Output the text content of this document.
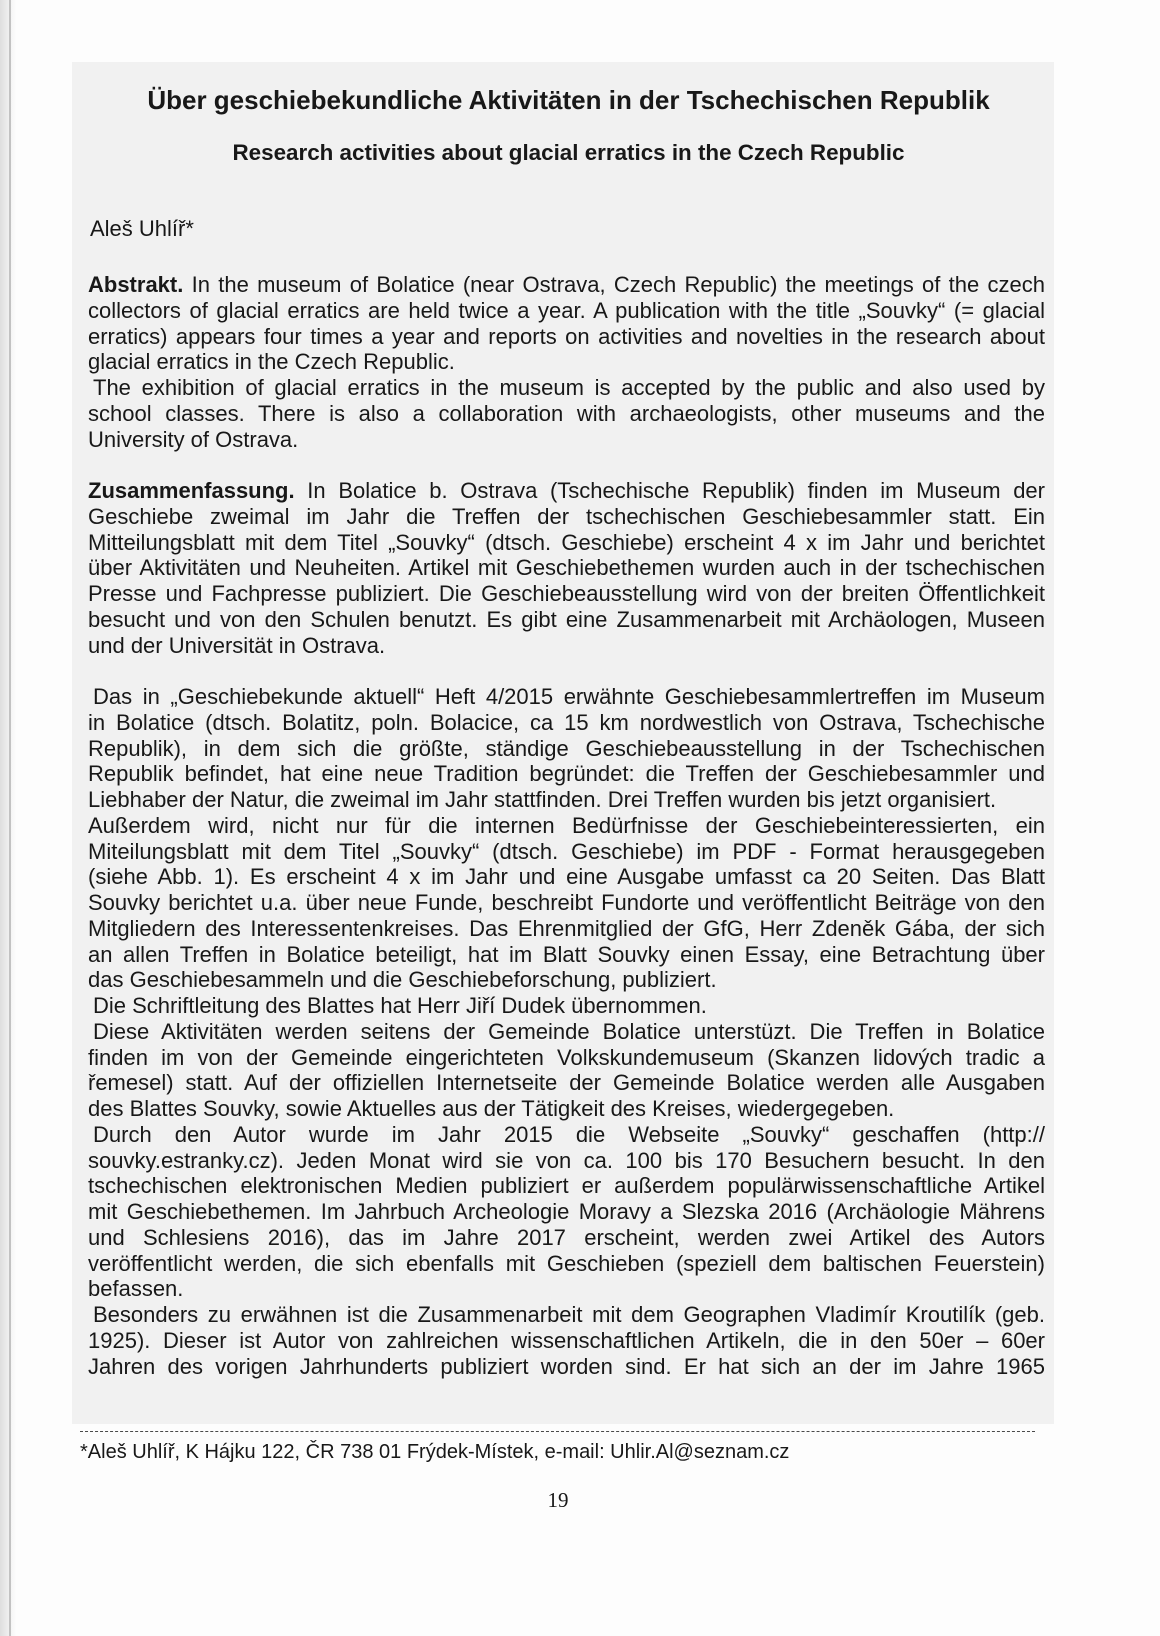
Über geschiebekundliche Aktivitäten in der Tschechischen Republik
Research activities about glacial erratics in the Czech Republic
Aleš Uhlíř*
Abstrakt. In the museum of Bolatice (near Ostrava, Czech Republic) the meetings of the czech
collectors of glacial erratics are held twice a year. A publication with the title „Souvky“ (= glacial
erratics) appears four times a year and reports on activities and novelties in the research about
glacial erratics in the Czech Republic.
The exhibition of glacial erratics in the museum is accepted by the public and also used by
school classes. There is also a collaboration with archaeologists, other museums and the
University of Ostrava.
Zusammenfassung. In Bolatice b. Ostrava (Tschechische Republik) finden im Museum der
Geschiebe zweimal im Jahr die Treffen der tschechischen Geschiebesammler statt. Ein
Mitteilungsblatt mit dem Titel „Souvky“ (dtsch. Geschiebe) erscheint 4 x im Jahr und berichtet
über Aktivitäten und Neuheiten. Artikel mit Geschiebethemen wurden auch in der tschechischen
Presse und Fachpresse publiziert. Die Geschiebeausstellung wird von der breiten Öffentlichkeit
besucht und von den Schulen benutzt. Es gibt eine Zusammenarbeit mit Archäologen, Museen
und der Universität in Ostrava.
Das in „Geschiebekunde aktuell“ Heft 4/2015 erwähnte Geschiebesammlertreffen im Museum
in Bolatice (dtsch. Bolatitz, poln. Bolacice, ca 15 km nordwestlich von Ostrava, Tschechische
Republik), in dem sich die größte, ständige Geschiebeausstellung in der Tschechischen
Republik befindet, hat eine neue Tradition begründet: die Treffen der Geschiebesammler und
Liebhaber der Natur, die zweimal im Jahr stattfinden. Drei Treffen wurden bis jetzt organisiert.
Außerdem wird, nicht nur für die internen Bedürfnisse der Geschiebeinteressierten, ein
Miteilungsblatt mit dem Titel „Souvky“ (dtsch. Geschiebe) im PDF - Format herausgegeben
(siehe Abb. 1). Es erscheint 4 x im Jahr und eine Ausgabe umfasst ca 20 Seiten. Das Blatt
Souvky berichtet u.a. über neue Funde, beschreibt Fundorte und veröffentlicht Beiträge von den
Mitgliedern des Interessentenkreises. Das Ehrenmitglied der GfG, Herr Zdeněk Gába, der sich
an allen Treffen in Bolatice beteiligt, hat im Blatt Souvky einen Essay, eine Betrachtung über
das Geschiebesammeln und die Geschiebeforschung, publiziert.
Die Schriftleitung des Blattes hat Herr Jiří Dudek übernommen.
Diese Aktivitäten werden seitens der Gemeinde Bolatice unterstüzt. Die Treffen in Bolatice
finden im von der Gemeinde eingerichteten Volkskundemuseum (Skanzen lidových tradic a
řemesel) statt. Auf der offiziellen Internetseite der Gemeinde Bolatice werden alle Ausgaben
des Blattes Souvky, sowie Aktuelles aus der Tätigkeit des Kreises, wiedergegeben.
Durch den Autor wurde im Jahr 2015 die Webseite „Souvky“ geschaffen (http://
souvky.estranky.cz). Jeden Monat wird sie von ca. 100 bis 170 Besuchern besucht. In den
tschechischen elektronischen Medien publiziert er außerdem populärwissenschaftliche Artikel
mit Geschiebethemen. Im Jahrbuch Archeologie Moravy a Slezska 2016 (Archäologie Mährens
und Schlesiens 2016), das im Jahre 2017 erscheint, werden zwei Artikel des Autors
veröffentlicht werden, die sich ebenfalls mit Geschieben (speziell dem baltischen Feuerstein)
befassen.
Besonders zu erwähnen ist die Zusammenarbeit mit dem Geographen Vladimír Kroutilík (geb.
1925). Dieser ist Autor von zahlreichen wissenschaftlichen Artikeln, die in den 50er – 60er
Jahren des vorigen Jahrhunderts publiziert worden sind. Er hat sich an der im Jahre 1965
*Aleš Uhlíř, K Hájku 122, ČR 738 01 Frýdek-Místek, e-mail: Uhlir.Al@seznam.cz
19
